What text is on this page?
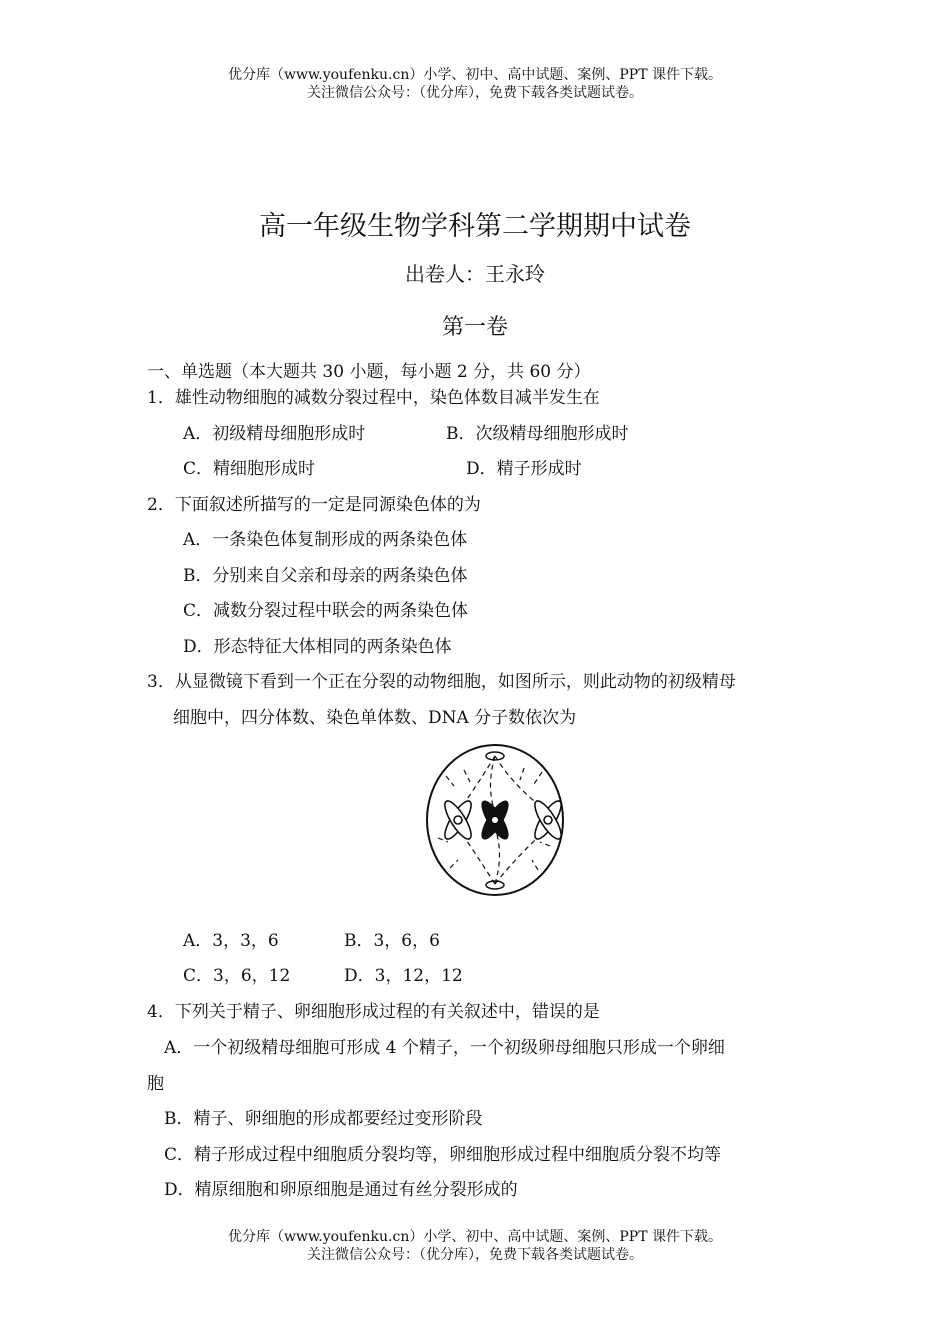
优分库（www.youfenku.cn）小学、初中、高中试题、案例、PPT 课件下载。
关注微信公众号：（优分库），免费下载各类试题试卷。
高一年级生物学科第二学期期中试卷
出卷人：王永玲
第一卷
一、单选题（本大题共 30 小题，每小题 2 分，共 60 分）
1．雄性动物细胞的减数分裂过程中，染色体数目减半发生在
A．初级精母细胞形成时	B．次级精母细胞形成时
C．精细胞形成时	D．精子形成时
2．下面叙述所描写的一定是同源染色体的为
A．一条染色体复制形成的两条染色体
B．分别来自父亲和母亲的两条染色体
C．减数分裂过程中联会的两条染色体
D．形态特征大体相同的两条染色体
3．从显微镜下看到一个正在分裂的动物细胞，如图所示，则此动物的初级精母
细胞中，四分体数、染色单体数、DNA 分子数依次为
A．3，3，6	B．3，6，6
C．3，6，12	D．3，12，12
4．下列关于精子、卵细胞形成过程的有关叙述中，错误的是
A．一个初级精母细胞可形成 4 个精子，一个初级卵母细胞只形成一个卵细
胞
B．精子、卵细胞的形成都要经过变形阶段
C．精子形成过程中细胞质分裂均等，卵细胞形成过程中细胞质分裂不均等
D．精原细胞和卵原细胞是通过有丝分裂形成的
优分库（www.youfenku.cn）小学、初中、高中试题、案例、PPT 课件下载。
关注微信公众号：（优分库），免费下载各类试题试卷。
